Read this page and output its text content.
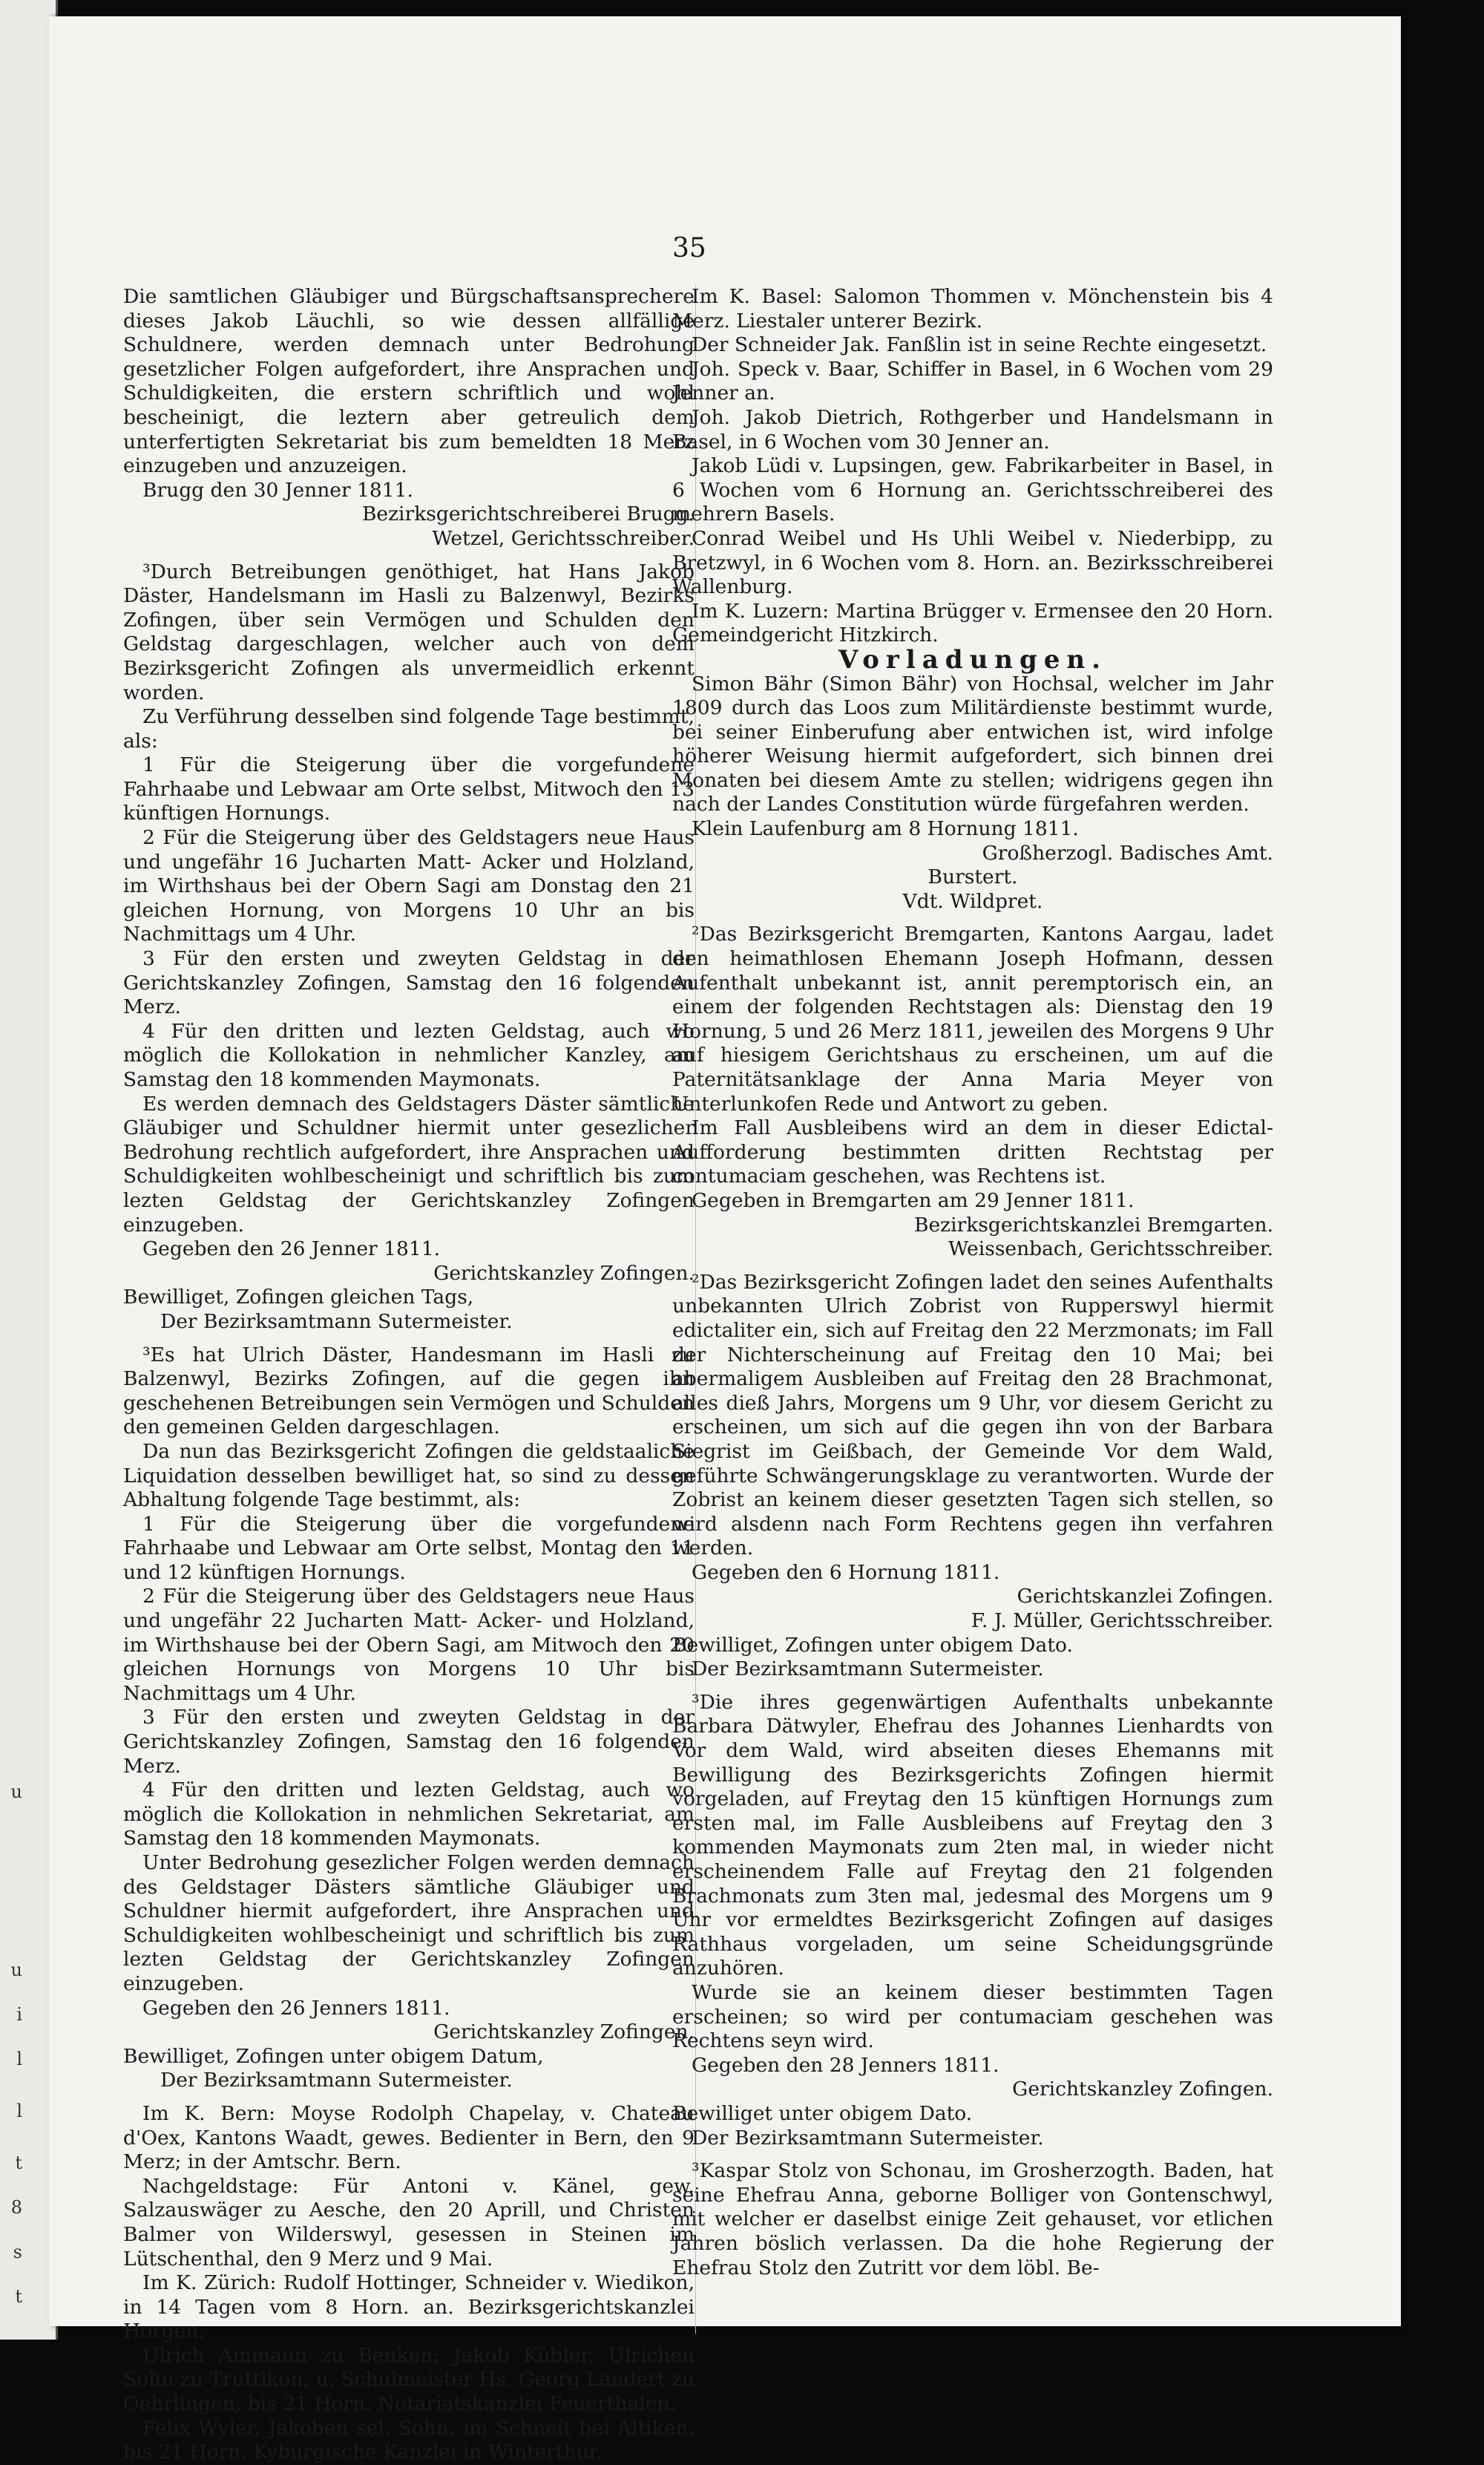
u
u
i
l
l
t
8
s
t
35

Die samtlichen Gläubiger und Bürgschaftsansprechere dieses Jakob Läuchli, so wie dessen allfällige Schuldnere, werden demnach unter Bedrohung gesetzlicher Folgen aufgefordert, ihre Ansprachen und Schuldigkeiten, die erstern schriftlich und wohl bescheinigt, die leztern aber getreulich dem unterfertigten Sekretariat bis zum bemeldten 18 Merz einzugeben und anzuzeigen.

Brugg den 30 Jenner 1811.

Bezirksgerichtschreiberei Brugg.

Wetzel, Gerichtsschreiber.

³Durch Betreibungen genöthiget, hat Hans Jakob Däster, Handelsmann im Hasli zu Balzenwyl, Bezirks Zofingen, über sein Vermögen und Schulden den Geldstag dargeschlagen, welcher auch von dem Bezirksgericht Zofingen als unvermeidlich erkennt worden.

Zu Verführung desselben sind folgende Tage bestimmt, als:

1 Für die Steigerung über die vorgefundene Fahrhaabe und Lebwaar am Orte selbst, Mitwoch den 13 künftigen Hornungs.

2 Für die Steigerung über des Geldstagers neue Haus und ungefähr 16 Jucharten Matt- Acker und Holzland, im Wirthshaus bei der Obern Sagi am Donstag den 21 gleichen Hornung, von Morgens 10 Uhr an bis Nachmittags um 4 Uhr.

3 Für den ersten und zweyten Geldstag in der Gerichtskanzley Zofingen, Samstag den 16 folgenden Merz.

4 Für den dritten und lezten Geldstag, auch wo möglich die Kollokation in nehmlicher Kanzley, am Samstag den 18 kommenden Maymonats.

Es werden demnach des Geldstagers Däster sämtliche Gläubiger und Schuldner hiermit unter gesezlicher Bedrohung rechtlich aufgefordert, ihre Ansprachen und Schuldigkeiten wohlbescheinigt und schriftlich bis zum lezten Geldstag der Gerichtskanzley Zofingen einzugeben.

Gegeben den 26 Jenner 1811.

Gerichtskanzley Zofingen.

Bewilliget, Zofingen gleichen Tags,

Der Bezirksamtmann Sutermeister.

³Es hat Ulrich Däster, Handesmann im Hasli zu Balzenwyl, Bezirks Zofingen, auf die gegen ihn geschehenen Betreibungen sein Vermögen und Schulden den gemeinen Gelden dargeschlagen.

Da nun das Bezirksgericht Zofingen die geldstaaliche Liquidation desselben bewilliget hat, so sind zu dessen Abhaltung folgende Tage bestimmt, als:

1 Für die Steigerung über die vorgefundene Fahrhaabe und Lebwaar am Orte selbst, Montag den 11 und 12 künftigen Hornungs.

2 Für die Steigerung über des Geldstagers neue Haus und ungefähr 22 Jucharten Matt- Acker- und Holzland, im Wirthshause bei der Obern Sagi, am Mitwoch den 20 gleichen Hornungs von Morgens 10 Uhr bis Nachmittags um 4 Uhr.

3 Für den ersten und zweyten Geldstag in der Gerichtskanzley Zofingen, Samstag den 16 folgenden Merz.

4 Für den dritten und lezten Geldstag, auch wo möglich die Kollokation in nehmlichen Sekretariat, am Samstag den 18 kommenden Maymonats.

Unter Bedrohung gesezlicher Folgen werden demnach des Geldstager Dästers sämtliche Gläubiger und Schuldner hiermit aufgefordert, ihre Ansprachen und Schuldigkeiten wohlbescheinigt und schriftlich bis zum lezten Geldstag der Gerichtskanzley Zofingen einzugeben.

Gegeben den 26 Jenners 1811.

Gerichtskanzley Zofingen.

Bewilliget, Zofingen unter obigem Datum,

Der Bezirksamtmann Sutermeister.

Im K. Bern: Moyse Rodolph Chapelay, v. Chateau d'Oex, Kantons Waadt, gewes. Bedienter in Bern, den 9 Merz; in der Amtschr. Bern.

Nachgeldstage: Für Antoni v. Känel, gew. Salzauswäger zu Aesche, den 20 Aprill, und Christen Balmer von Wilderswyl, gesessen in Steinen im Lütschenthal, den 9 Merz und 9 Mai.

Im K. Zürich: Rudolf Hottinger, Schneider v. Wiedikon, in 14 Tagen vom 8 Horn. an. Bezirksgerichtskanzlei Horgen.

Ulrich Ammann zu Benken; Jakob Kübler, Ulrichen Sohn zu Truttikon, u. Schulmeister Hs. Georg Landert zu Oehrlingen, bis 21 Horn. Notariatskanzlei Feuerthalen.

Felix Wyler, Jakoben sel. Sohn, im Schneit bei Altiken, bis 21 Horn. Kyburgische Kanzlei in Winterthur.

Im K. Basel: Salomon Thommen v. Mönchenstein bis 4 Merz. Liestaler unterer Bezirk.

Der Schneider Jak. Fanßlin ist in seine Rechte eingesetzt.

Joh. Speck v. Baar, Schiffer in Basel, in 6 Wochen vom 29 Jenner an.

Joh. Jakob Dietrich, Rothgerber und Handelsmann in Basel, in 6 Wochen vom 30 Jenner an.

Jakob Lüdi v. Lupsingen, gew. Fabrikarbeiter in Basel, in 6 Wochen vom 6 Hornung an. Gerichtsschreiberei des mehrern Basels.

Conrad Weibel und Hs Uhli Weibel v. Niederbipp, zu Bretzwyl, in 6 Wochen vom 8. Horn. an. Bezirksschreiberei Wallenburg.

Im K. Luzern: Martina Brügger v. Ermensee den 20 Horn. Gemeindgericht Hitzkirch.

Vorladungen.

Simon Bähr (Simon Bähr) von Hochsal, welcher im Jahr 1809 durch das Loos zum Militärdienste bestimmt wurde, bei seiner Einberufung aber entwichen ist, wird infolge höherer Weisung hiermit aufgefordert, sich binnen drei Monaten bei diesem Amte zu stellen; widrigens gegen ihn nach der Landes Constitution würde fürgefahren werden.

Klein Laufenburg am 8 Hornung 1811.

Großherzogl. Badisches Amt.

Burstert.

Vdt. Wildpret.

²Das Bezirksgericht Bremgarten, Kantons Aargau, ladet den heimathlosen Ehemann Joseph Hofmann, dessen Aufenthalt unbekannt ist, annit peremptorisch ein, an einem der folgenden Rechtstagen als: Dienstag den 19 Hornung, 5 und 26 Merz 1811, jeweilen des Morgens 9 Uhr auf hiesigem Gerichtshaus zu erscheinen, um auf die Paternitätsanklage der Anna Maria Meyer von Unterlunkofen Rede und Antwort zu geben.

Im Fall Ausbleibens wird an dem in dieser Edictal-Aufforderung bestimmten dritten Rechtstag per contumaciam geschehen, was Rechtens ist.

Gegeben in Bremgarten am 29 Jenner 1811.

Bezirksgerichtskanzlei Bremgarten.

Weissenbach, Gerichtsschreiber.

²Das Bezirksgericht Zofingen ladet den seines Aufenthalts unbekannten Ulrich Zobrist von Rupperswyl hiermit edictaliter ein, sich auf Freitag den 22 Merzmonats; im Fall der Nichterscheinung auf Freitag den 10 Mai; bei abermaligem Ausbleiben auf Freitag den 28 Brachmonat, alles dieß Jahrs, Morgens um 9 Uhr, vor diesem Gericht zu erscheinen, um sich auf die gegen ihn von der Barbara Siegrist im Geißbach, der Gemeinde Vor dem Wald, geführte Schwängerungsklage zu verantworten. Wurde der Zobrist an keinem dieser gesetzten Tagen sich stellen, so wird alsdenn nach Form Rechtens gegen ihn verfahren werden.

Gegeben den 6 Hornung 1811.

Gerichtskanzlei Zofingen.

F. J. Müller, Gerichtsschreiber.

Bewilliget, Zofingen unter obigem Dato.

Der Bezirksamtmann Sutermeister.

³Die ihres gegenwärtigen Aufenthalts unbekannte Barbara Dätwyler, Ehefrau des Johannes Lienhardts von Vor dem Wald, wird abseiten dieses Ehemanns mit Bewilligung des Bezirksgerichts Zofingen hiermit vorgeladen, auf Freytag den 15 künftigen Hornungs zum ersten mal, im Falle Ausbleibens auf Freytag den 3 kommenden Maymonats zum 2ten mal, in wieder nicht erscheinendem Falle auf Freytag den 21 folgenden Brachmonats zum 3ten mal, jedesmal des Morgens um 9 Uhr vor ermeldtes Bezirksgericht Zofingen auf dasiges Rathhaus vorgeladen, um seine Scheidungsgründe anzuhören.

Wurde sie an keinem dieser bestimmten Tagen erscheinen; so wird per contumaciam geschehen was Rechtens seyn wird.

Gegeben den 28 Jenners 1811.

Gerichtskanzley Zofingen.

Bewilliget unter obigem Dato.

Der Bezirksamtmann Sutermeister.

³Kaspar Stolz von Schonau, im Grosherzogth. Baden, hat seine Ehefrau Anna, geborne Bolliger von Gontenschwyl, mit welcher er daselbst einige Zeit gehauset, vor etlichen Jahren böslich verlassen. Da die hohe Regierung der Ehefrau Stolz den Zutritt vor dem löbl. Be-
